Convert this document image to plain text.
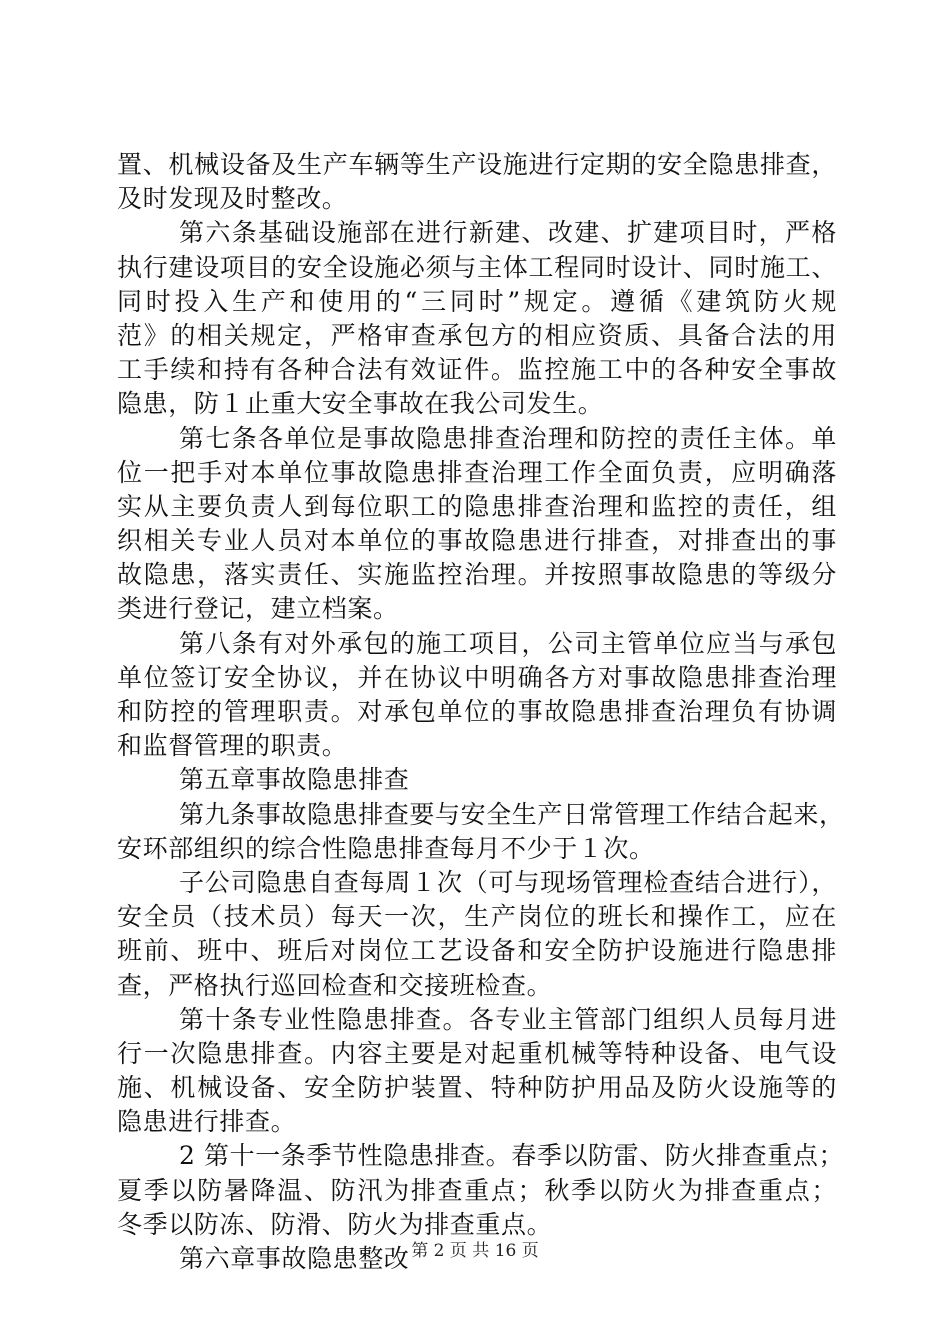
置、机械设备及生产车辆等生产设施进行定期的安全隐患排查，
及时发现及时整改。
第六条基础设施部在进行新建、改建、扩建项目时，严格
执行建设项目的安全设施必须与主体工程同时设计、同时施工、
同时投入生产和使用的“三同时”规定。遵循《建筑防火规
范》的相关规定，严格审查承包方的相应资质、具备合法的用
工手续和持有各种合法有效证件。监控施工中的各种安全事故
隐患，防１止重大安全事故在我公司发生。
第七条各单位是事故隐患排查治理和防控的责任主体。单
位一把手对本单位事故隐患排查治理工作全面负责，应明确落
实从主要负责人到每位职工的隐患排查治理和监控的责任，组
织相关专业人员对本单位的事故隐患进行排查，对排查出的事
故隐患，落实责任、实施监控治理。并按照事故隐患的等级分
类进行登记，建立档案。
第八条有对外承包的施工项目，公司主管单位应当与承包
单位签订安全协议，并在协议中明确各方对事故隐患排查治理
和防控的管理职责。对承包单位的事故隐患排查治理负有协调
和监督管理的职责。
第五章事故隐患排查
第九条事故隐患排查要与安全生产日常管理工作结合起来，
安环部组织的综合性隐患排查每月不少于１次。
子公司隐患自查每周１次（可与现场管理检查结合进行），
安全员（技术员）每天一次，生产岗位的班长和操作工，应在
班前、班中、班后对岗位工艺设备和安全防护设施进行隐患排
查，严格执行巡回检查和交接班检查。
第十条专业性隐患排查。各专业主管部门组织人员每月进
行一次隐患排查。内容主要是对起重机械等特种设备、电气设
施、机械设备、安全防护装置、特种防护用品及防火设施等的
隐患进行排查。
2 第十一条季节性隐患排查。春季以防雷、防火排查重点；
夏季以防暑降温、防汛为排查重点；秋季以防火为排查重点；
冬季以防冻、防滑、防火为排查重点。
第六章事故隐患整改 第 2 页 共 16 页
